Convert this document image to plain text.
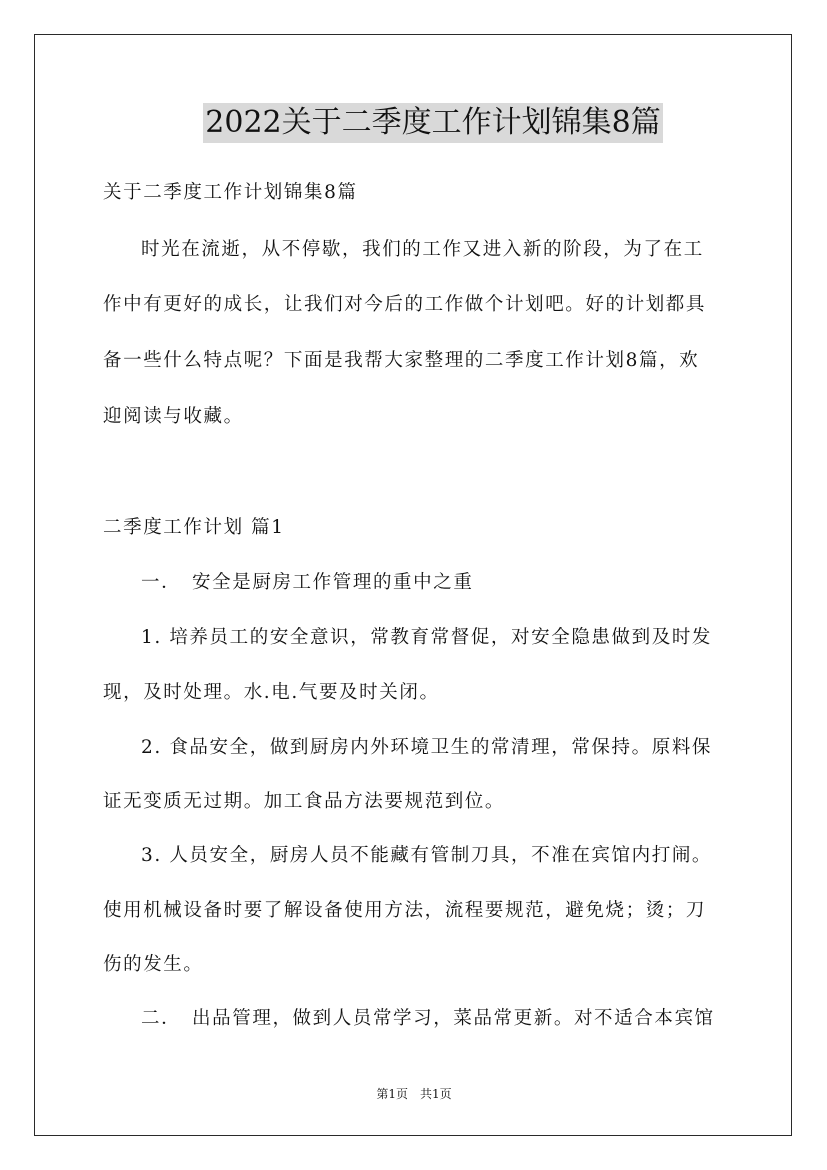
2022关于二季度工作计划锦集8篇
关于二季度工作计划锦集8篇
时光在流逝，从不停歇，我们的工作又进入新的阶段，为了在工
作中有更好的成长，让我们对今后的工作做个计划吧。好的计划都具
备一些什么特点呢？下面是我帮大家整理的二季度工作计划8篇，欢
迎阅读与收藏。
二季度工作计划 篇1
一．　安全是厨房工作管理的重中之重
1. 培养员工的安全意识，常教育常督促，对安全隐患做到及时发
现，及时处理。水.电.气要及时关闭。
2. 食品安全，做到厨房内外环境卫生的常清理，常保持。原料保
证无变质无过期。加工食品方法要规范到位。
3. 人员安全，厨房人员不能藏有管制刀具，不准在宾馆内打闹。
使用机械设备时要了解设备使用方法，流程要规范，避免烧；烫；刀
伤的发生。
二．　出品管理，做到人员常学习，菜品常更新。对不适合本宾馆
第1页　共1页
